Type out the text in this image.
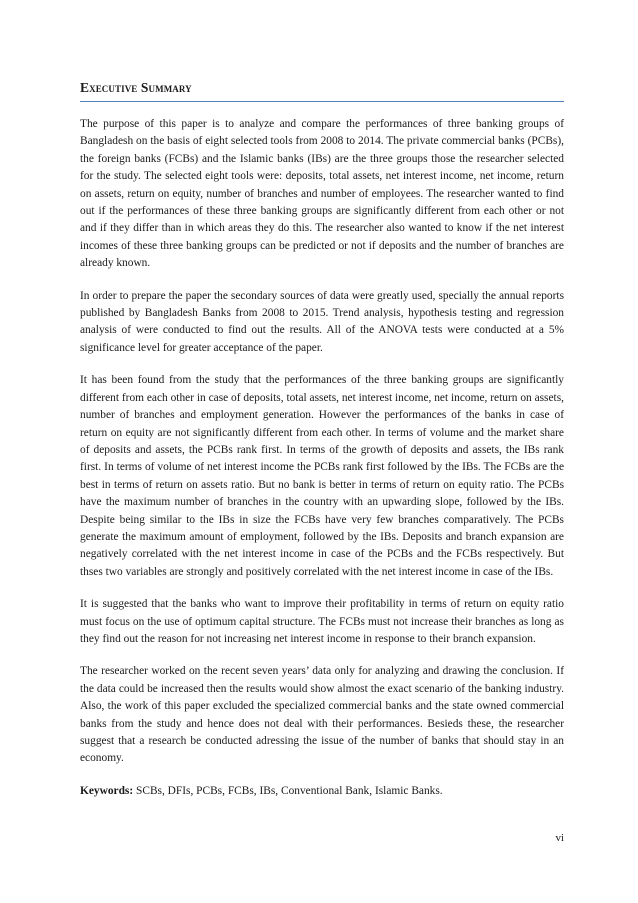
Executive Summary

The purpose of this paper is to analyze and compare the performances of three banking groups of Bangladesh on the basis of eight selected tools from 2008 to 2014. The private commercial banks (PCBs), the foreign banks (FCBs) and the Islamic banks (IBs) are the three groups those the researcher selected for the study. The selected eight tools were: deposits, total assets, net interest income, net income, return on assets, return on equity, number of branches and number of employees. The researcher wanted to find out if the performances of these three banking groups are significantly different from each other or not and if they differ than in which areas they do this. The researcher also wanted to know if the net interest incomes of these three banking groups can be predicted or not if deposits and the number of branches are already known.

In order to prepare the paper the secondary sources of data were greatly used, specially the annual reports published by Bangladesh Banks from 2008 to 2015. Trend analysis, hypothesis testing and regression analysis of were conducted to find out the results. All of the ANOVA tests were conducted at a 5% significance level for greater acceptance of the paper.

It has been found from the study that the performances of the three banking groups are significantly different from each other in case of deposits, total assets, net interest income, net income, return on assets, number of branches and employment generation. However the performances of the banks in case of return on equity are not significantly different from each other. In terms of volume and the market share of deposits and assets, the PCBs rank first. In terms of the growth of deposits and assets, the IBs rank first. In terms of volume of net interest income the PCBs rank first followed by the IBs. The FCBs are the best in terms of return on assets ratio. But no bank is better in terms of return on equity ratio. The PCBs have the maximum number of branches in the country with an upwarding slope, followed by the IBs. Despite being similar to the IBs in size the FCBs have very few branches comparatively. The PCBs generate the maximum amount of employment, followed by the IBs. Deposits and branch expansion are negatively correlated with the net interest income in case of the PCBs and the FCBs respectively. But thses two variables are strongly and positively correlated with the net interest income in case of the IBs.

It is suggested that the banks who want to improve their profitability in terms of return on equity ratio must focus on the use of optimum capital structure. The FCBs must not increase their branches as long as they find out the reason for not increasing net interest income in response to their branch expansion.

The researcher worked on the recent seven years’ data only for analyzing and drawing the conclusion. If the data could be increased then the results would show almost the exact scenario of the banking industry. Also, the work of this paper excluded the specialized commercial banks and the state owned commercial banks from the study and hence does not deal with their performances. Besieds these, the researcher suggest that a research be conducted adressing the issue of the number of banks that should stay in an economy.

Keywords: SCBs, DFIs, PCBs, FCBs, IBs, Conventional Bank, Islamic Banks.

vi
